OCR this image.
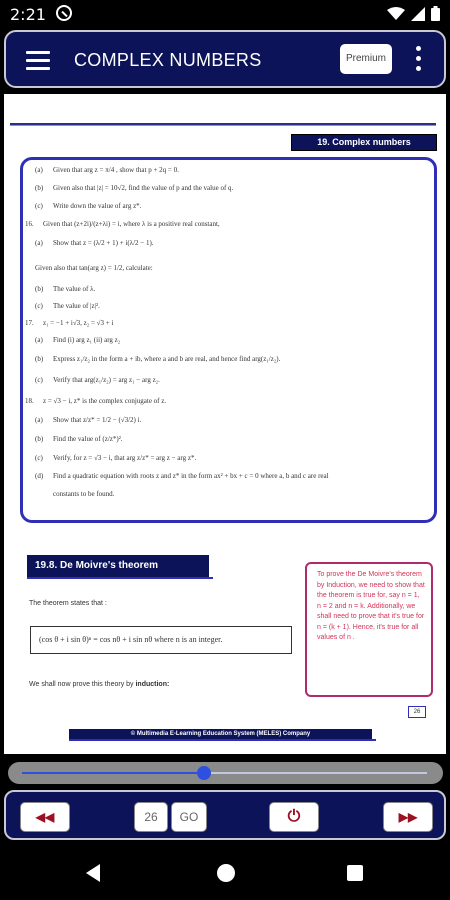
2:21
COMPLEX NUMBERS	Premium
19. Complex numbers
(a) Given that arg z = π/4 , show that p + 2q = 0.
(b) Given also that |z| = 10√2, find the value of p and the value of q.
(c) Write down the value of arg z*.
16. Given that (z+2i)/(z+λi) = i, where λ is a positive real constant,
(a) Show that z = (λ/2 + 1) + i(λ/2 − 1).
Given also that tan(arg z) = 1/2, calculate:
(b) The value of λ.
(c) The value of |z|².
17. z₁ = −1 + i√3, z₂ = √3 + i
(a) Find (i) arg z₁ (ii) arg z₂
(b) Express z₁/z₂ in the form a + ib, where a and b are real, and hence find arg(z₁/z₂).
(c) Verify that arg(z₁/z₂) = arg z₁ − arg z₂.
18. z = √3 − i, z* is the complex conjugate of z.
(a) Show that z/z* = 1/2 − (√3/2) i.
(b) Find the value of (z/z*)².
(c) Verify, for z = √3 − i, that arg z/z* = arg z − arg z*.
(d) Find a quadratic equation with roots z and z* in the form ax² + bx + c = 0 where a, b and c are real
constants to be found.
19.8. De Moivre's theorem
The theorem states that :
(cos θ + i sin θ)ⁿ = cos nθ + i sin nθ where n is an integer.
We shall now prove this theory by induction:
To prove the De Moivre's theorem by Induction, we need to show that the theorem is true for, say n = 1, n = 2 and n = k. Additionally, we shall need to prove that it's true for n = (k + 1). Hence, it's true for all values of n .
26
© Multimedia E-Learning Education System (MELES) Company
◀◀	26	GO	⏻	▶▶
